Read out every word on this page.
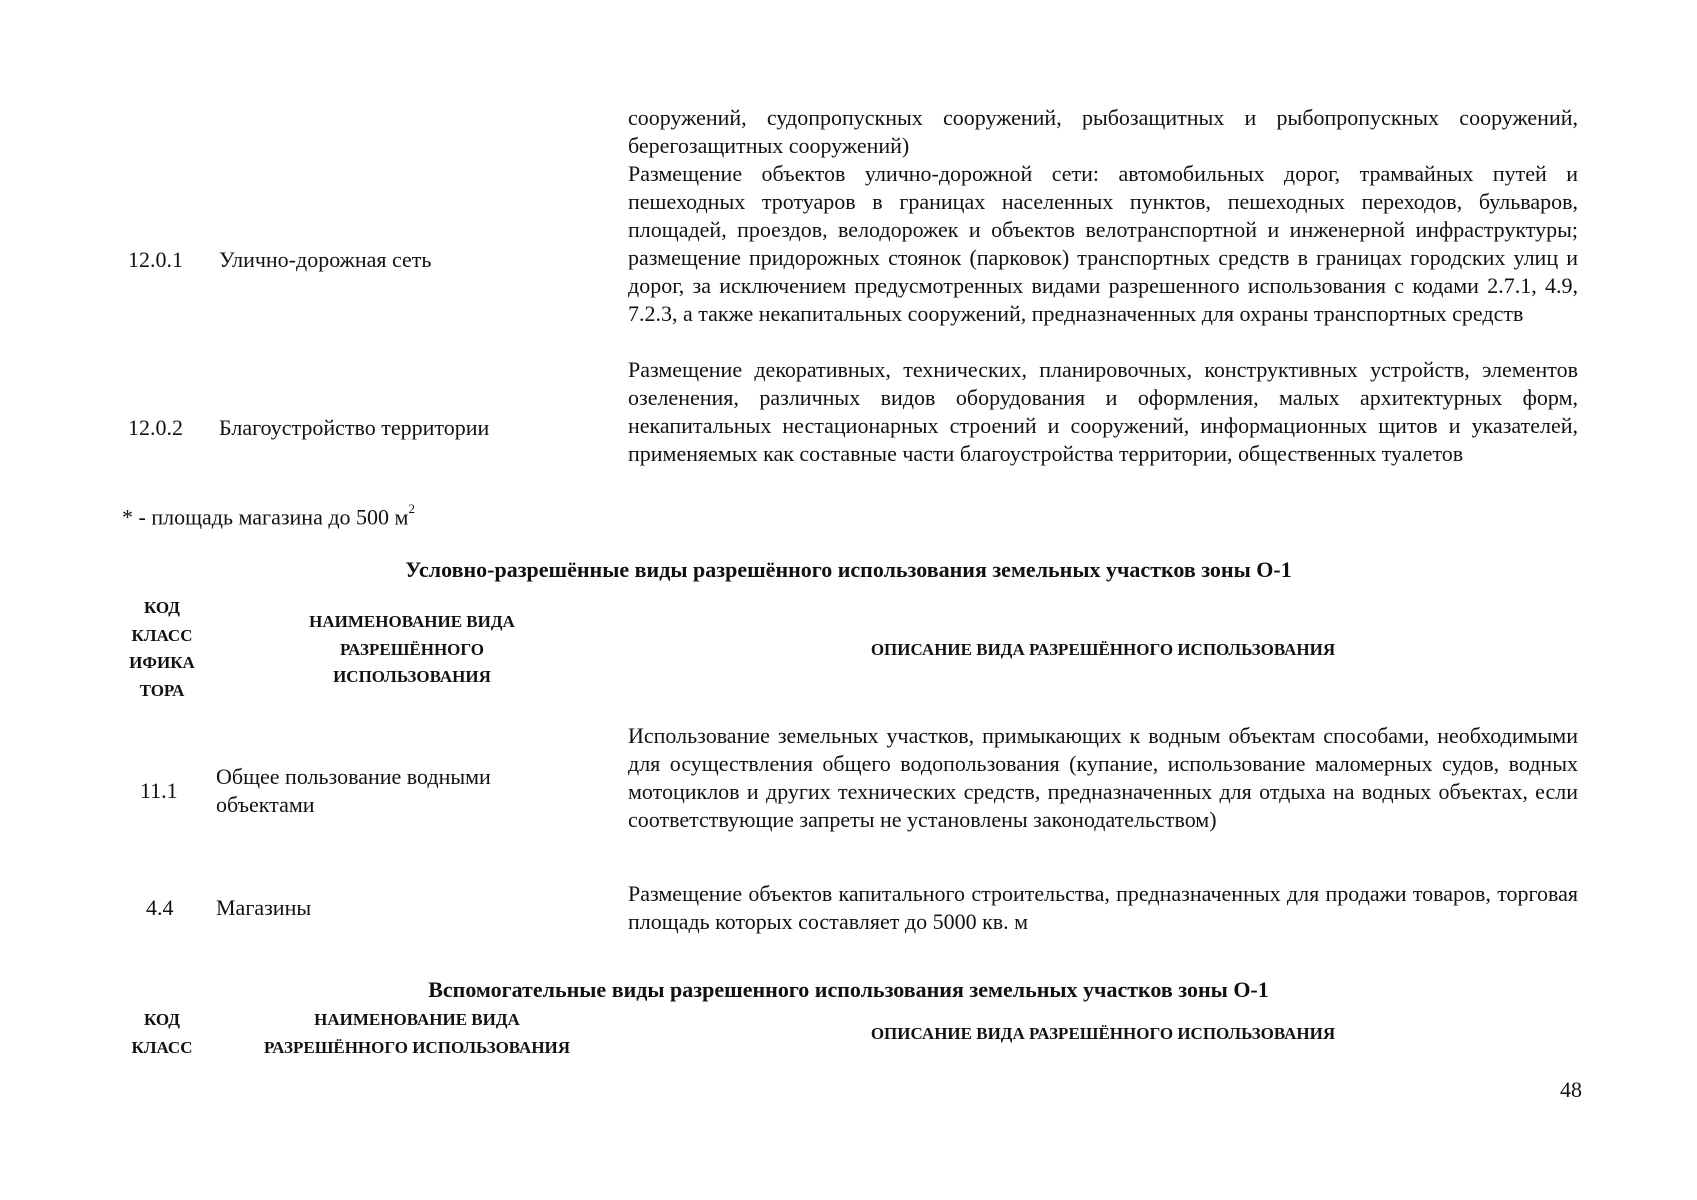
сооружений, судопропускных сооружений, рыбозащитных и рыбопропускных сооружений, берегозащитных сооружений)
12.0.1 Улично-дорожная сеть
Размещение объектов улично-дорожной сети: автомобильных дорог, трамвайных путей и пешеходных тротуаров в границах населенных пунктов, пешеходных переходов, бульваров, площадей, проездов, велодорожек и объектов велотранспортной и инженерной инфраструктуры; размещение придорожных стоянок (парковок) транспортных средств в границах городских улиц и дорог, за исключением предусмотренных видами разрешенного использования с кодами 2.7.1, 4.9, 7.2.3, а также некапитальных сооружений, предназначенных для охраны транспортных средств
12.0.2 Благоустройство территории
Размещение декоративных, технических, планировочных, конструктивных устройств, элементов озеленения, различных видов оборудования и оформления, малых архитектурных форм, некапитальных нестационарных строений и сооружений, информационных щитов и указателей, применяемых как составные части благоустройства территории, общественных туалетов
* - площадь магазина до 500 $м^2$
Условно-разрешённые виды разрешённого использования земельных участков зоны О-1
КОД
КЛАСС
ИФИКА
ТОРА
НАИМЕНОВАНИЕ ВИДА
РАЗРЕШЁННОГО
ИСПОЛЬЗОВАНИЯ
ОПИСАНИЕ ВИДА РАЗРЕШЁННОГО ИСПОЛЬЗОВАНИЯ
11.1
Общее пользование водными объектами
Использование земельных участков, примыкающих к водным объектам способами, необходимыми для осуществления общего водопользования (купание, использование маломерных судов, водных мотоциклов и других технических средств, предназначенных для отдыха на водных объектах, если соответствующие запреты не установлены законодательством)
4.4 Магазины
Размещение объектов капитального строительства, предназначенных для продажи товаров, торговая площадь которых составляет до 5000 кв. м
Вспомогательные виды разрешенного использования земельных участков зоны О-1
КОД
КЛАСС
НАИМЕНОВАНИЕ ВИДА
РАЗРЕШЁННОГО ИСПОЛЬЗОВАНИЯ
ОПИСАНИЕ ВИДА РАЗРЕШЁННОГО ИСПОЛЬЗОВАНИЯ
48
